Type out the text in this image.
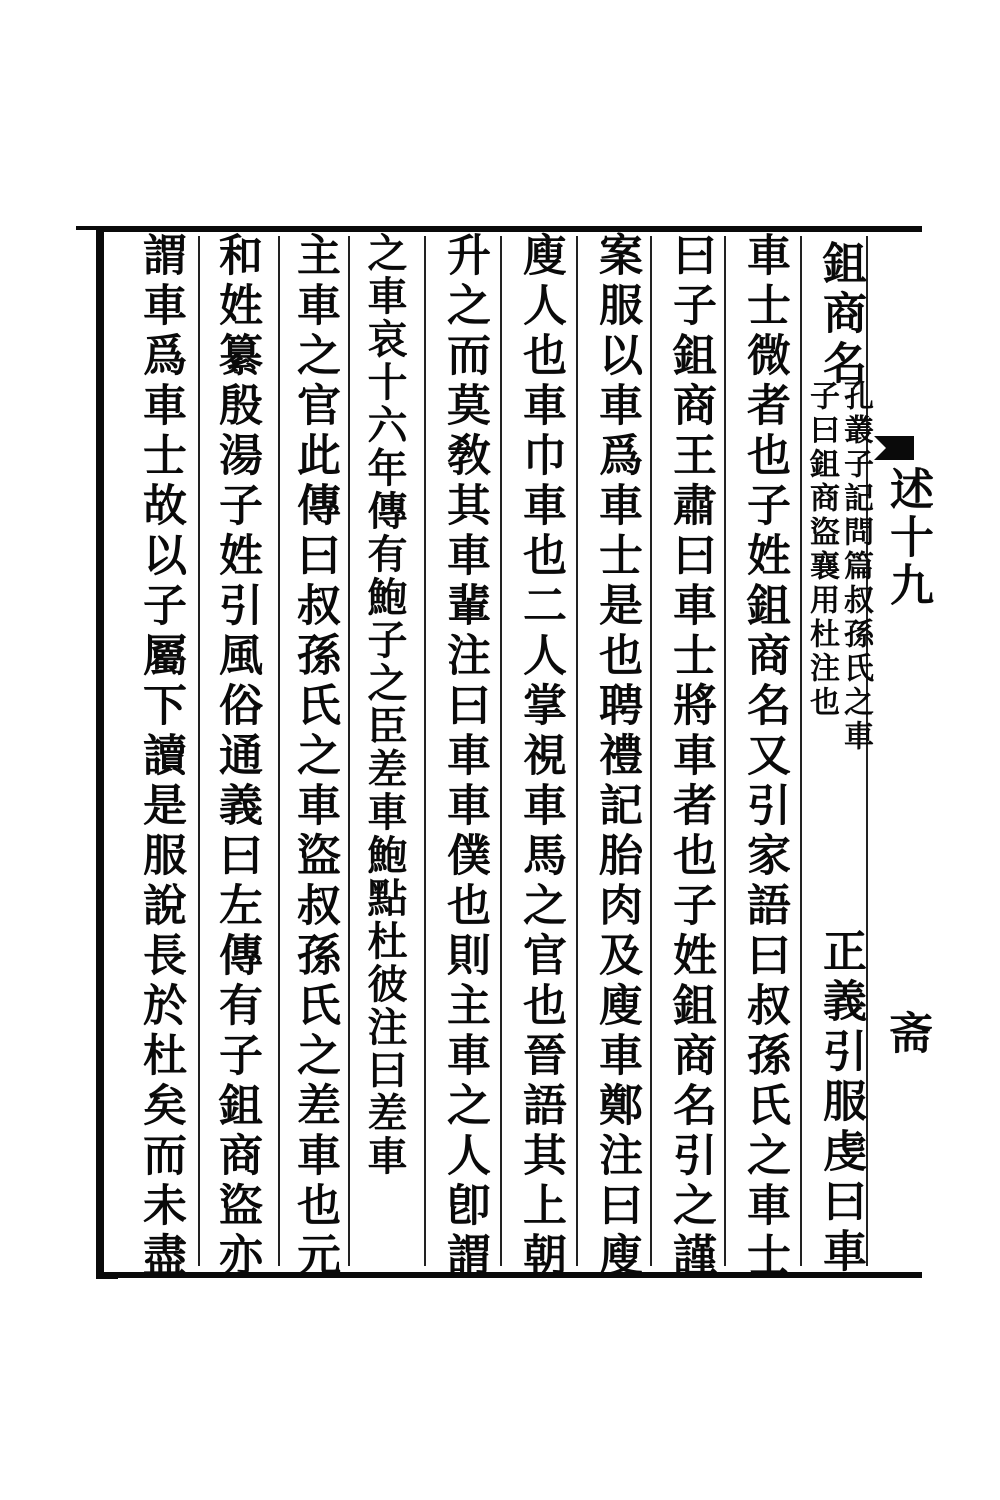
鉏商名
孔叢子記問篇叔孫氏之車
子曰鉏商盜襄用杜注也
正義引服虔曰車
車士微者也子姓鉏商名又引家語曰叔孫氏之車士
曰子鉏商王肅曰車士將車者也子姓鉏商名引之謹
案服以車爲車士是也聘禮記胎肉及廋車鄭注曰廋
廋人也車巾車也二人掌視車馬之官也晉語其上朝
升之而莫敎其車輩注曰車車僕也則主車之人卽謂
之車哀十六年傳有鮑子之臣差車鮑點杜彼注曰差車
主車之官此傳曰叔孫氏之車盜叔孫氏之差車也元
和姓纂殷湯子姓引風俗通義曰左傳有子鉏商盜亦
謂車爲車士故以子屬下讀是服說長於杜矣而未盡	述十九
斋
